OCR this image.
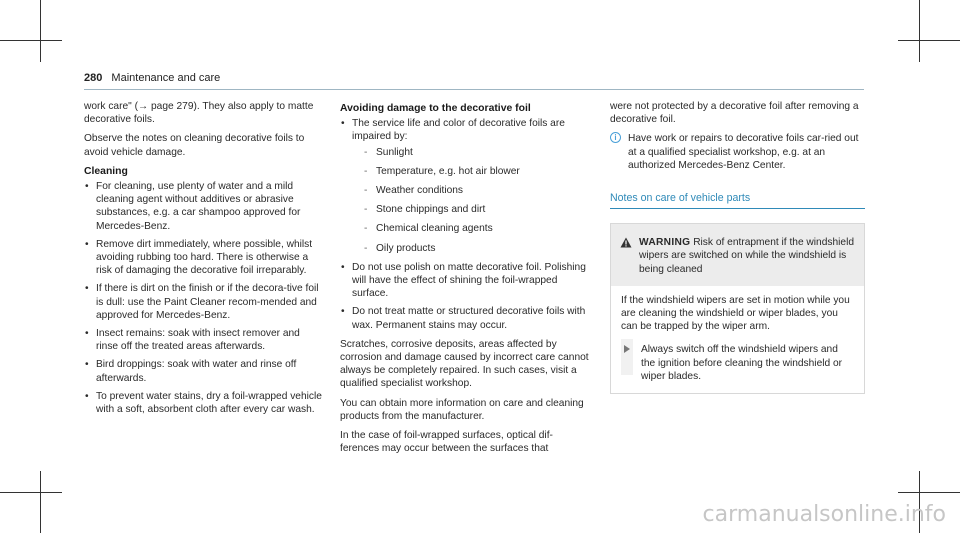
280 Maintenance and care

work care" (→ page 279). They also apply to matte decorative foils.

Observe the notes on cleaning decorative foils to avoid vehicle damage.

Cleaning
• For cleaning, use plenty of water and a mild cleaning agent without additives or abrasive substances, e.g. a car shampoo approved for Mercedes-Benz.
• Remove dirt immediately, where possible, whilst avoiding rubbing too hard. There is otherwise a risk of damaging the decorative foil irreparably.
• If there is dirt on the finish or if the decora-tive foil is dull: use the Paint Cleaner recom-mended and approved for Mercedes-Benz.
• Insect remains: soak with insect remover and rinse off the treated areas afterwards.
• Bird droppings: soak with water and rinse off afterwards.
• To prevent water stains, dry a foil-wrapped vehicle with a soft, absorbent cloth after every car wash.
Avoiding damage to the decorative foil
• The service life and color of decorative foils are impaired by:
- Sunlight
- Temperature, e.g. hot air blower
- Weather conditions
- Stone chippings and dirt
- Chemical cleaning agents
- Oily products
• Do not use polish on matte decorative foil. Polishing will have the effect of shining the foil-wrapped surface.
• Do not treat matte or structured decorative foils with wax. Permanent stains may occur.

Scratches, corrosive deposits, areas affected by corrosion and damage caused by incorrect care cannot always be completely repaired. In such cases, visit a qualified specialist workshop.

You can obtain more information on care and cleaning products from the manufacturer.

In the case of foil-wrapped surfaces, optical dif-ferences may occur between the surfaces that

were not protected by a decorative foil after removing a decorative foil.

i	Have work or repairs to decorative foils car-ried out at a qualified specialist workshop, e.g. at an authorized Mercedes-Benz Center.
Notes on care of vehicle parts
WARNING Risk of entrapment if the windshield wipers are switched on while the windshield is being cleaned

If the windshield wipers are set in motion while you are cleaning the windshield or wiper blades, you can be trapped by the wiper arm.

Always switch off the windshield wipers and the ignition before cleaning the windshield or wiper blades.
carmanualsonline.info
